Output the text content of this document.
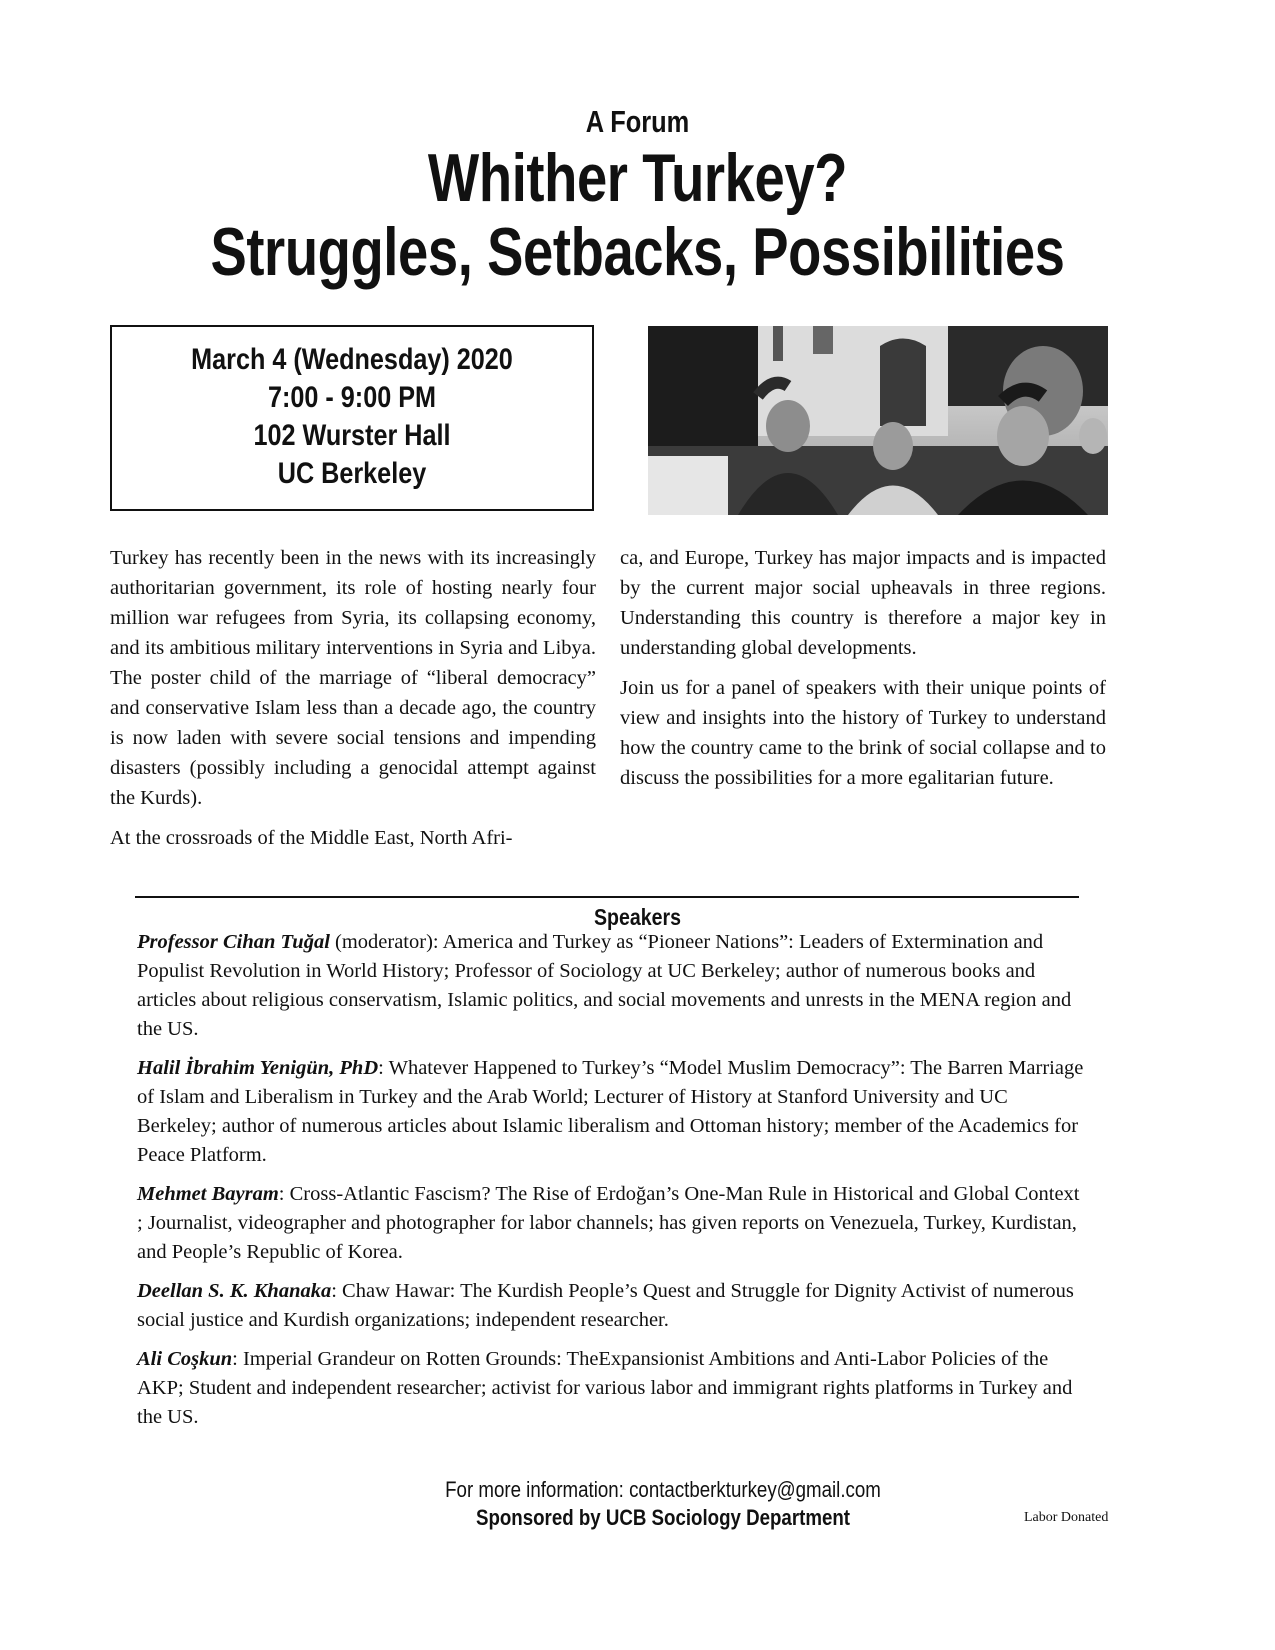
A Forum
Whither Turkey?
Struggles, Setbacks, Possibilities
March 4 (Wednesday) 2020
7:00 - 9:00 PM
102 Wurster Hall
UC Berkeley

Turkey has recently been in the news with its increasingly authoritarian government, its role of hosting nearly four million war refugees from Syria, its collapsing economy, and its ambitious military interventions in Syria and Libya. The poster child of the marriage of “liberal democracy” and conservative Islam less than a decade ago, the country is now laden with severe social tensions and impending disasters (possibly including a genocidal attempt against the Kurds).

At the crossroads of the Middle East, North Afri-

ca, and Europe, Turkey has major impacts and is impacted by the current major social upheavals in three regions. Understanding this country is therefore a major key in understanding global developments.

Join us for a panel of speakers with their unique points of view and insights into the history of Turkey to understand how the country came to the brink of social collapse and to discuss the possibilities for a more egalitarian future.

Speakers

Professor Cihan Tuğal (moderator): America and Turkey as “Pioneer Nations”: Leaders of Extermination and Populist Revolution in World History; Professor of Sociology at UC Berkeley; author of numerous books and articles about religious conservatism, Islamic politics, and social movements and unrests in the MENA region and the US.

Halil İbrahim Yenigün, PhD: Whatever Happened to Turkey’s “Model Muslim Democracy”: The Barren Marriage of Islam and Liberalism in Turkey and the Arab World; Lecturer of History at Stanford University and UC Berkeley; author of numerous articles about Islamic liberalism and Ottoman history; member of the Academics for Peace Platform.

Mehmet Bayram: Cross-Atlantic Fascism? The Rise of Erdoğan’s One-Man Rule in Historical and Global Context ; Journalist, videographer and photographer for labor channels; has given reports on Venezuela, Turkey, Kurdistan, and People’s Republic of Korea.

Deellan S. K. Khanaka: Chaw Hawar: The Kurdish People’s Quest and Struggle for Dignity Activist of numerous social justice and Kurdish organizations; independent researcher.

Ali Coşkun: Imperial Grandeur on Rotten Grounds: TheExpansionist Ambitions and Anti-Labor Policies of the AKP; Student and independent researcher; activist for various labor and immigrant rights platforms in Turkey and the US.

For more information: contactberkturkey@gmail.com
Sponsored by UCB Sociology Department	Labor Donated
